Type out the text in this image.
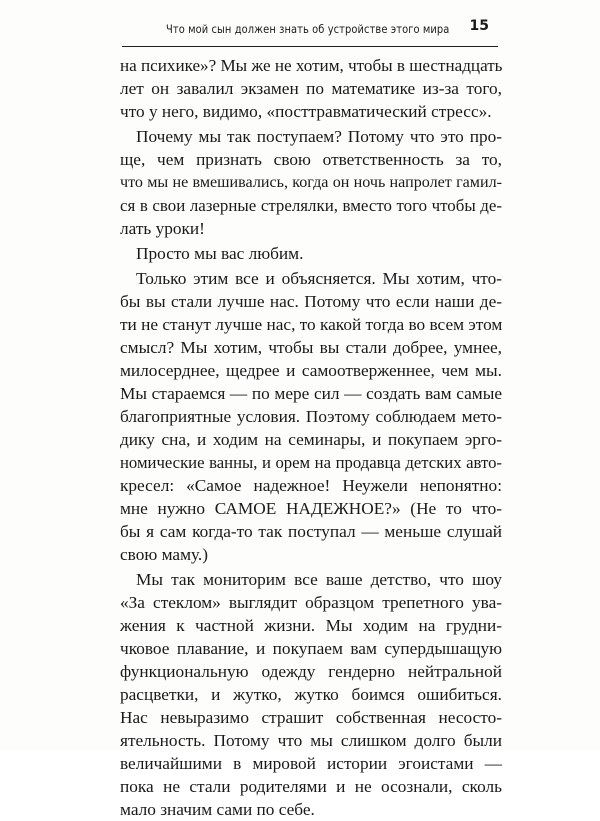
Что мой сын должен знать об устройстве этого мира 15
на психике»? Мы же не хотим, чтобы в шестнадцать
лет он завалил экзамен по математике из-за того,
что у него, видимо, «посттравматический стресс».
Почему мы так поступаем? Потому что это про-
ще, чем признать свою ответственность за то,
что мы не вмешивались, когда он ночь напролет гамил-
ся в свои лазерные стрелялки, вместо того чтобы де-
лать уроки!
Просто мы вас любим.
Только этим все и объясняется. Мы хотим, что-
бы вы стали лучше нас. Потому что если наши де-
ти не станут лучше нас, то какой тогда во всем этом
смысл? Мы хотим, чтобы вы стали добрее, умнее,
милосерднее, щедрее и самоотверженнее, чем мы.
Мы стараемся — по мере сил — создать вам самые
благоприятные условия. Поэтому соблюдаем мето-
дику сна, и ходим на семинары, и покупаем эрго-
номические ванны, и орем на продавца детских авто-
кресел: «Самое надежное! Неужели непонятно:
мне нужно САМОЕ НАДЕЖНОЕ?» (Не то что-
бы я сам когда-то так поступал — меньше слушай
свою маму.)
Мы так мониторим все ваше детство, что шоу
«За стеклом» выглядит образцом трепетного ува-
жения к частной жизни. Мы ходим на грудни-
чковое плавание, и покупаем вам супердышащую
функциональную одежду гендерно нейтральной
расцветки, и жутко, жутко боимся ошибиться.
Нас невыразимо страшит собственная несосто-
ятельность. Потому что мы слишком долго были
величайшими в мировой истории эгоистами —
пока не стали родителями и не осознали, сколь
мало значим сами по себе.
